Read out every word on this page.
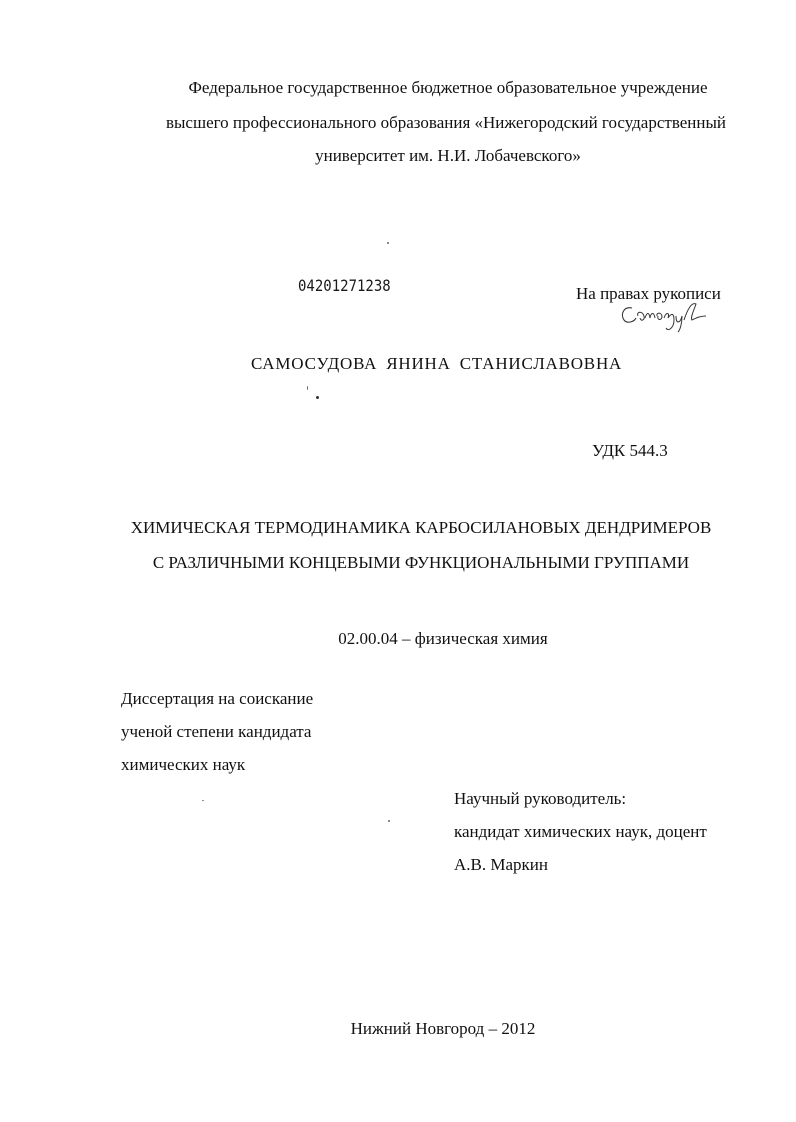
Федеральное государственное бюджетное образовательное учреждение
высшего профессионального образования «Нижегородский государственный
университет им. Н.И. Лобачевского»
04201271238	На правах рукописи
САМОСУДОВА ЯНИНА СТАНИСЛАВОВНА
УДК 544.3
ХИМИЧЕСКАЯ ТЕРМОДИНАМИКА КАРБОСИЛАНОВЫХ ДЕНДРИМЕРОВ
С РАЗЛИЧНЫМИ КОНЦЕВЫМИ ФУНКЦИОНАЛЬНЫМИ ГРУППАМИ
02.00.04 – физическая химия
Диссертация на соискание
ученой степени кандидата
химических наук
Научный руководитель:
кандидат химических наук, доцент
А.В. Маркин
Нижний Новгород – 2012
